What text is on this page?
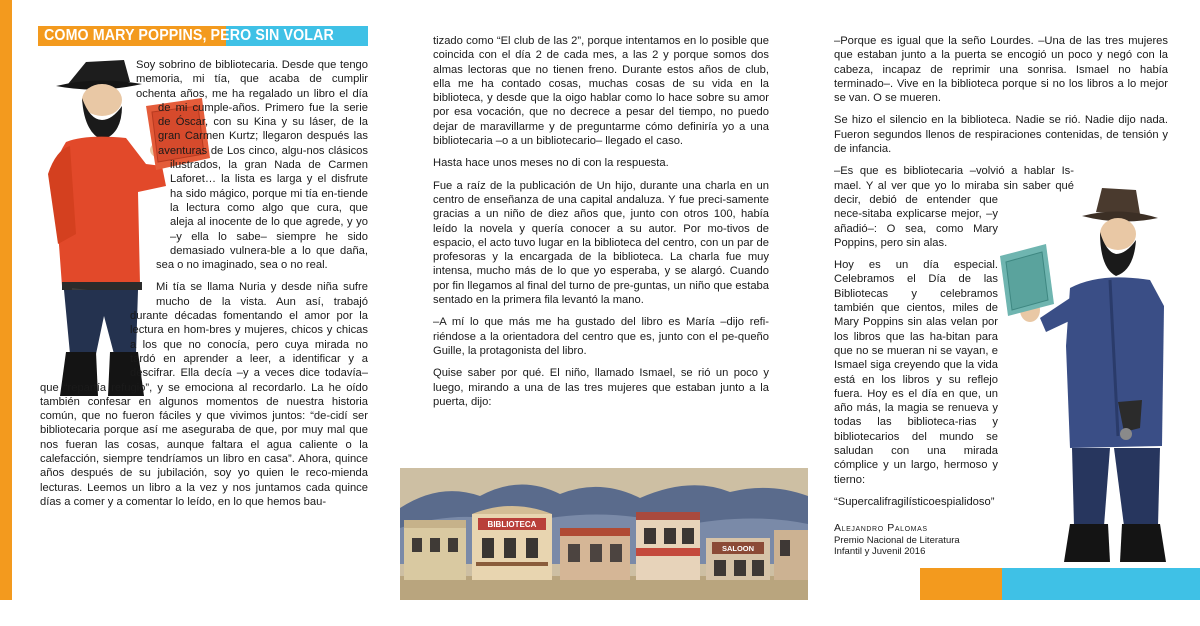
COMO MARY POPPINS, PERO SIN VOLAR

Soy sobrino de bibliotecaria. Desde que tengo memoria, mi tía, que acaba de cumplir ochenta años, me ha regalado un libro el día de mi cumple-años. Primero fue la serie de Óscar, con su Kina y su láser, de la gran Carmen Kurtz; llegaron después las aventuras de Los cinco, algu-nos clásicos ilustrados, la gran Nada de Carmen Laforet… la lista es larga y el disfrute ha sido mágico, porque mi tía en-tiende la lectura como algo que cura, que aleja al inocente de lo que agrede, y yo –y ella lo sabe– siempre he sido demasiado vulnera-ble a lo que daña, sea o no imaginado, sea o no real.

Mi tía se llama Nuria y desde niña sufre mucho de la vista. Aun así, trabajó durante décadas fomentando el amor por la lectura en hom-bres y mujeres, chicos y chicas a los que no conocía, pero cuya mirada no tardó en aprender a leer, a identificar y a descifrar. Ella decía –y a veces dice todavía– que “repartía refugio”, y se emociona al recordarlo. La he oído también confesar en algunos momentos de nuestra historia común, que no fueron fáciles y que vivimos juntos: “de-cidí ser bibliotecaria porque así me aseguraba de que, por muy mal que nos fueran las cosas, aunque faltara el agua caliente o la calefacción, siempre tendríamos un libro en casa”. Ahora, quince años después de su jubilación, soy yo quien le reco-mienda lecturas. Leemos un libro a la vez y nos juntamos cada quince días a comer y a comentar lo leído, en lo que hemos bau-

tizado como “El club de las 2”, porque intentamos en lo posible que coincida con el día 2 de cada mes, a las 2 y porque somos dos almas lectoras que no tienen freno. Durante estos años de club, ella me ha contado cosas, muchas cosas de su vida en la biblioteca, y desde que la oigo hablar como lo hace sobre su amor por esa vocación, que no decrece a pesar del tiempo, no puedo dejar de maravillarme y de preguntarme cómo definiría yo a una bibliotecaria –o a un bibliotecario– llegado el caso.

Hasta hace unos meses no di con la respuesta.

Fue a raíz de la publicación de Un hijo, durante una charla en un centro de enseñanza de una capital andaluza. Y fue preci-samente gracias a un niño de diez años que, junto con otros 100, había leído la novela y quería conocer a su autor. Por mo-tivos de espacio, el acto tuvo lugar en la biblioteca del centro, con un par de profesoras y la encargada de la biblioteca. La charla fue muy intensa, mucho más de lo que yo esperaba, y se alargó. Cuando por fin llegamos al final del turno de pre-guntas, un niño que estaba sentado en la primera fila levantó la mano.

–A mí lo que más me ha gustado del libro es María –dijo refi-riéndose a la orientadora del centro que es, junto con el pe-queño Guille, la protagonista del libro.

Quise saber por qué. El niño, llamado Ismael, se rió un poco y luego, mirando a una de las tres mujeres que estaban junto a la puerta, dijo:

BIBLIOTECA
SALOON

–Porque es igual que la seño Lourdes. –Una de las tres mujeres que estaban junto a la puerta se encogió un poco y negó con la cabeza, incapaz de reprimir una sonrisa. Ismael no había terminado–. Vive en la biblioteca porque si no los libros a lo mejor se van. O se mueren.

Se hizo el silencio en la biblioteca. Nadie se rió. Nadie dijo nada. Fueron segundos llenos de respiraciones contenidas, de tensión y de infancia.

–Es que es bibliotecaria –volvió a hablar Is-mael. Y al ver que yo lo miraba sin saber qué decir, debió de entender que nece-sitaba explicarse mejor, –y añadió–: O sea, como Mary Poppins, pero sin alas.

Hoy es un día especial. Celebramos el Día de las Bibliotecas y celebramos también que cientos, miles de Mary Poppins sin alas velan por los libros que las ha-bitan para que no se mueran ni se vayan, e Ismael siga creyendo que la vida está en los libros y su reflejo fuera. Hoy es el día en que, un año más, la magia se renueva y todas las biblioteca-rias y bibliotecarios del mundo se saludan con una mirada cómplice y un largo, hermoso y tierno:

“Supercalifragilísticoespialidoso”

Alejandro Palomas
Premio Nacional de Literatura
Infantil y Juvenil 2016
